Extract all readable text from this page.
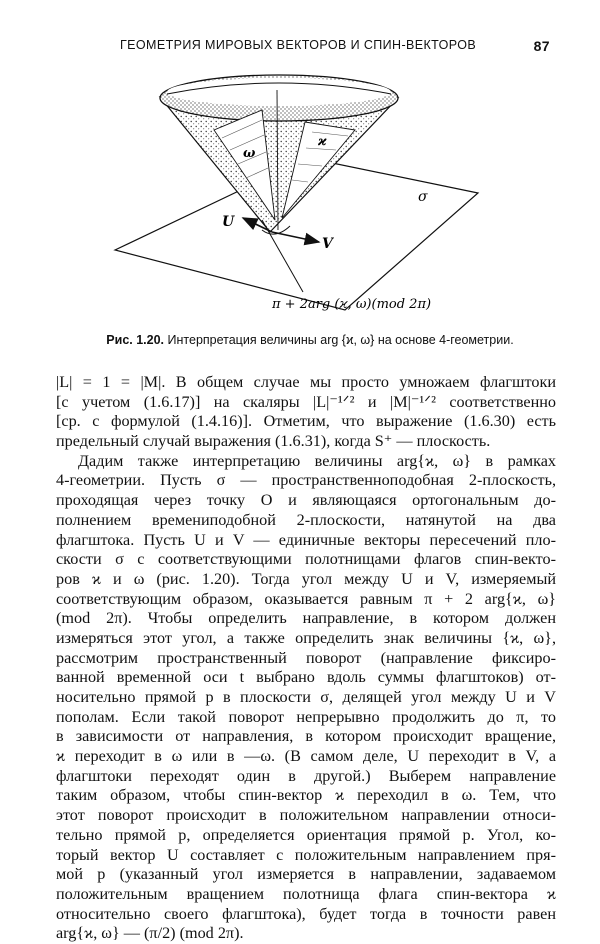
ГЕОМЕТРИЯ МИРОВЫХ ВЕКТОРОВ И СПИН-ВЕКТОРОВ	87
ω
ϰ
σ
U
V
π + 2arg (ϰ, ω)(mod 2π)
Рис. 1.20. Интерпретация величины arg {ϰ, ω} на основе 4-геометрии.
|L| = 1 = |M|. В общем случае мы просто умножаем флагштоки
[с учетом (1.6.17)] на скаляры |L|⁻¹ᐟ² и |M|⁻¹ᐟ² соответственно
[ср. с формулой (1.4.16)]. Отметим, что выражение (1.6.30) есть
предельный случай выражения (1.6.31), когда S⁺ — плоскость.
Дадим также интерпретацию величины arg{ϰ, ω} в рамках
4-геометрии. Пусть σ — пространственноподобная 2-плоскость,
проходящая через точку O и являющаяся ортогональным до-
полнением времениподобной 2-плоскости, натянутой на два
флагштока. Пусть U и V — единичные векторы пересечений пло-
скости σ с соответствующими полотнищами флагов спин-векто-
ров ϰ и ω (рис. 1.20). Тогда угол между U и V, измеряемый
соответствующим образом, оказывается равным π + 2 arg{ϰ, ω}
(mod 2π). Чтобы определить направление, в котором должен
измеряться этот угол, а также определить знак величины {ϰ, ω},
рассмотрим пространственный поворот (направление фиксиро-
ванной временной оси t выбрано вдоль суммы флагштоков) от-
носительно прямой p в плоскости σ, делящей угол между U и V
пополам. Если такой поворот непрерывно продолжить до π, то
в зависимости от направления, в котором происходит вращение,
ϰ переходит в ω или в —ω. (В самом деле, U переходит в V, а
флагштоки переходят один в другой.) Выберем направление
таким образом, чтобы спин-вектор ϰ переходил в ω. Тем, что
этот поворот происходит в положительном направлении относи-
тельно прямой p, определяется ориентация прямой p. Угол, ко-
торый вектор U составляет с положительным направлением пря-
мой p (указанный угол измеряется в направлении, задаваемом
положительным вращением полотнища флага спин-вектора ϰ
относительно своего флагштока), будет тогда в точности равен
arg{ϰ, ω} — (π/2) (mod 2π).
